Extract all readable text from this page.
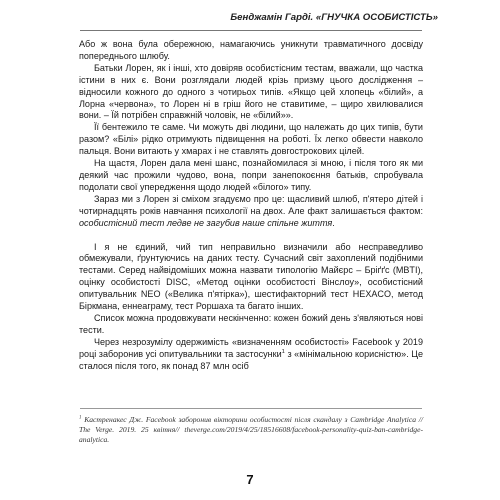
Бенджамін Гарді. «ГНУЧКА ОСОБИСТІСТЬ»

Або ж вона була обережною, намагаючись уникнути травматичного досвіду попереднього шлюбу.

Батьки Лорен, як і інші, хто довіряв особистісним тестам, вважали, що частка істини в них є. Вони розглядали людей крізь призму цього дослідження – відносили кожного до одного з чотирьох типів. «Якщо цей хлопець «білий», а Лорна «червона», то Лорен ні в гріш його не ставитиме, – щиро хвилювалися вони. – Їй потрібен справжній чоловік, не «білий»».

Її бентежило те саме. Чи можуть дві людини, що належать до цих типів, бути разом? «Білі» рідко отримують підвищення на роботі. Їх легко обвести навколо пальця. Вони витають у хмарах і не ставлять довгострокових цілей.

На щастя, Лорен дала мені шанс, познайомилася зі мною, і після того як ми деякий час прожили чудово, вона, попри занепокоєння батьків, спробувала подолати свої упередження щодо людей «білого» типу.

Зараз ми з Лорен зі сміхом згадуємо про це: щасливий шлюб, п'ятеро дітей і чотирнадцять років навчання психології на двох. Але факт залишається фактом: особистісний тест ледве не загубив наше спільне життя.

І я не єдиний, чий тип неправильно визначили або несправедливо обмежували, ґрунтуючись на даних тесту. Сучасний світ захоплений подібними тестами. Серед найвідоміших можна назвати типологію Майєрс – Бріґґс (MBTI), оцінку особистості DISC, «Метод оцінки особистості Вінслоу», особистісний опитувальник NEO («Велика п'ятірка»), шестифакторний тест HEXACO, метод Біркмана, еннеаграму, тест Роршаха та багато інших.

Список можна продовжувати нескінченно: кожен божий день з'являються нові тести.

Через незрозумілу одержимість «визначенням особистості» Facebook у 2019 році заборонив усі опитувальники та застосунки$^1$ з «мінімальною корисністю». Це сталося після того, як понад 87 млн осіб

$^1$ Кастренакес Дж. Facebook заборонив вікторини особистості після скандалу з Cambridge Analytica // The Verge. 2019. 25 квітня// theverge.com/2019/4/25/18516608/facebook-personality-quiz-ban-cambridge-analytica.
7
